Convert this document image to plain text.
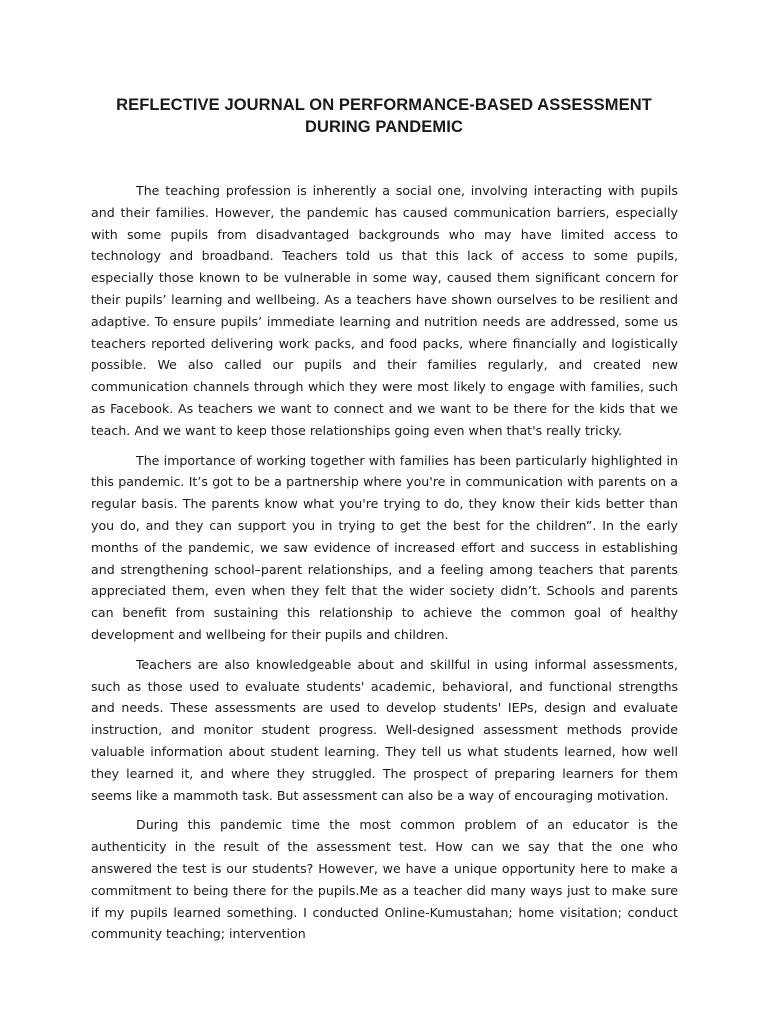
REFLECTIVE JOURNAL ON PERFORMANCE-BASED ASSESSMENT
DURING PANDEMIC

The teaching profession is inherently a social one, involving interacting with pupils and their families. However, the pandemic has caused communication barriers, especially with some pupils from disadvantaged backgrounds who may have limited access to technology and broadband. Teachers told us that this lack of access to some pupils, especially those known to be vulnerable in some way, caused them significant concern for their pupils’ learning and wellbeing. As a teachers have shown ourselves to be resilient and adaptive. To ensure pupils’ immediate learning and nutrition needs are addressed, some us teachers reported delivering work packs, and food packs, where financially and logistically possible. We also called our pupils and their families regularly, and created new communication channels through which they were most likely to engage with families, such as Facebook. As teachers we want to connect and we want to be there for the kids that we teach. And we want to keep those relationships going even when that's really tricky.

The importance of working together with families has been particularly highlighted in this pandemic. It’s got to be a partnership where you're in communication with parents on a regular basis. The parents know what you're trying to do, they know their kids better than you do, and they can support you in trying to get the best for the children”. In the early months of the pandemic, we saw evidence of increased effort and success in establishing and strengthening school–parent relationships, and a feeling among teachers that parents appreciated them, even when they felt that the wider society didn’t. Schools and parents can benefit from sustaining this relationship to achieve the common goal of healthy development and wellbeing for their pupils and children.

Teachers are also knowledgeable about and skillful in using informal assessments, such as those used to evaluate students' academic, behavioral, and functional strengths and needs. These assessments are used to develop students' IEPs, design and evaluate instruction, and monitor student progress. Well-designed assessment methods provide valuable information about student learning. They tell us what students learned, how well they learned it, and where they struggled. The prospect of preparing learners for them seems like a mammoth task. But assessment can also be a way of encouraging motivation.

During this pandemic time the most common problem of an educator is the authenticity in the result of the assessment test. How can we say that the one who answered the test is our students? However, we have a unique opportunity here to make a commitment to being there for the pupils.Me as a teacher did many ways just to make sure if my pupils learned something. I conducted Online-Kumustahan; home visitation; conduct community teaching; intervention
